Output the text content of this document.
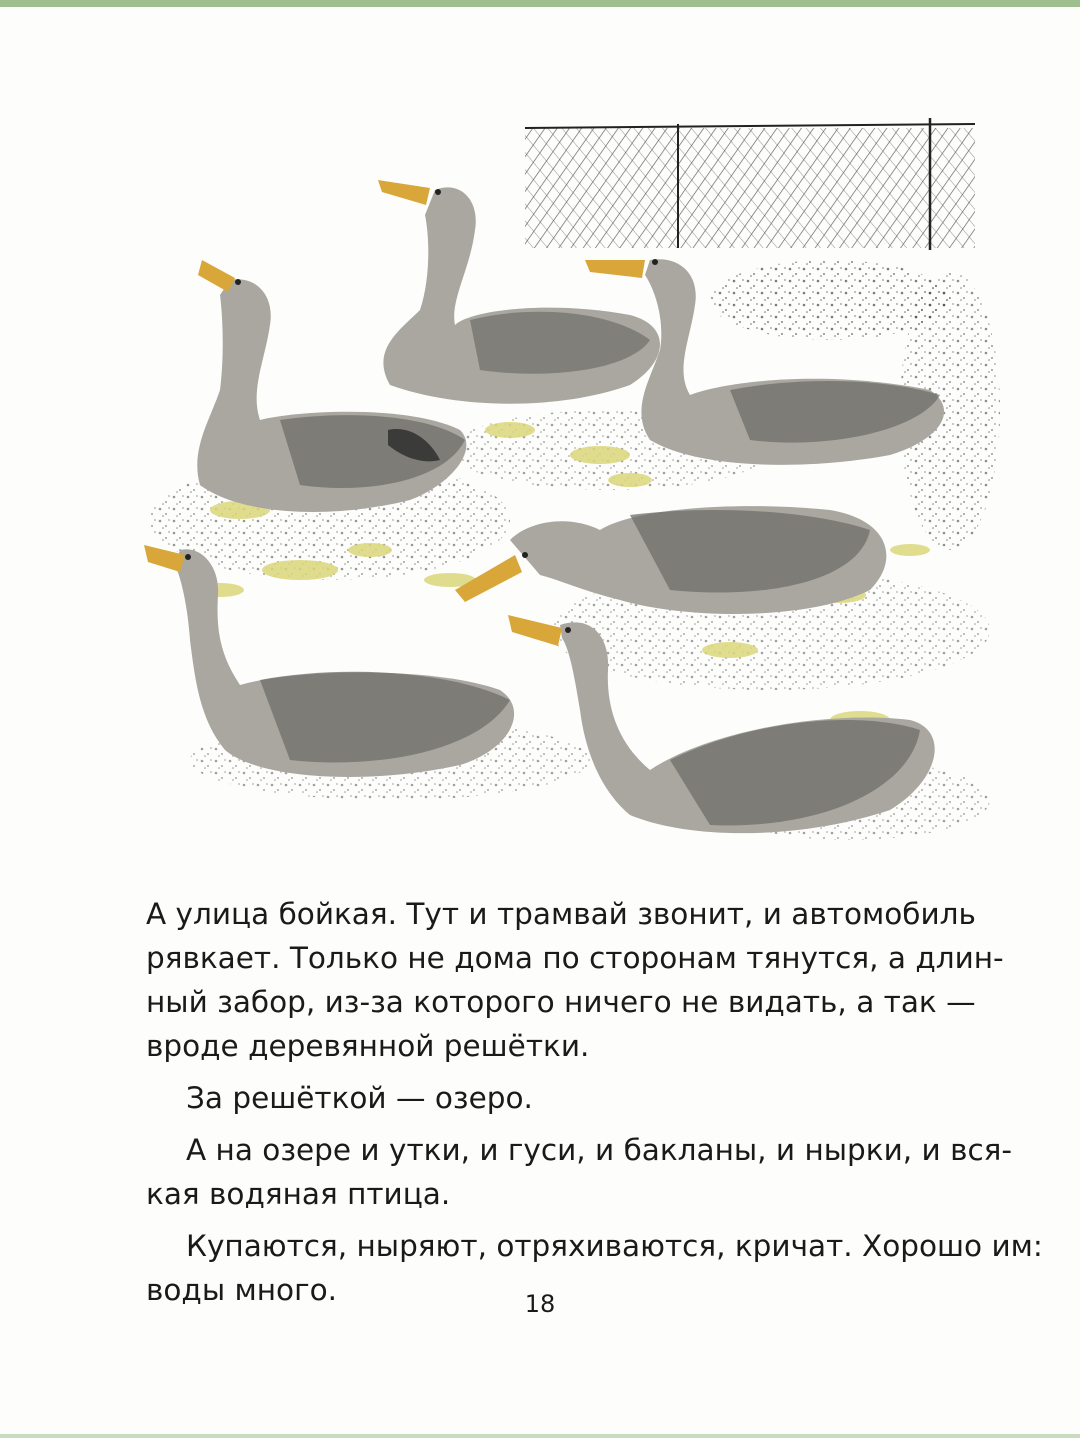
А улица бойкая. Тут и трамвай звонит, и автомобиль
рявкает. Только не дома по сторонам тянутся, а длин-
ный забор, из-за которого ничего не видать, а так —
вроде деревянной решётки.
За решёткой — озеро.
А на озере и утки, и гуси, и бакланы, и нырки, и вся-
кая водяная птица.
Купаются, ныряют, отряхиваются, кричат. Хорошо им:
воды много.	18
